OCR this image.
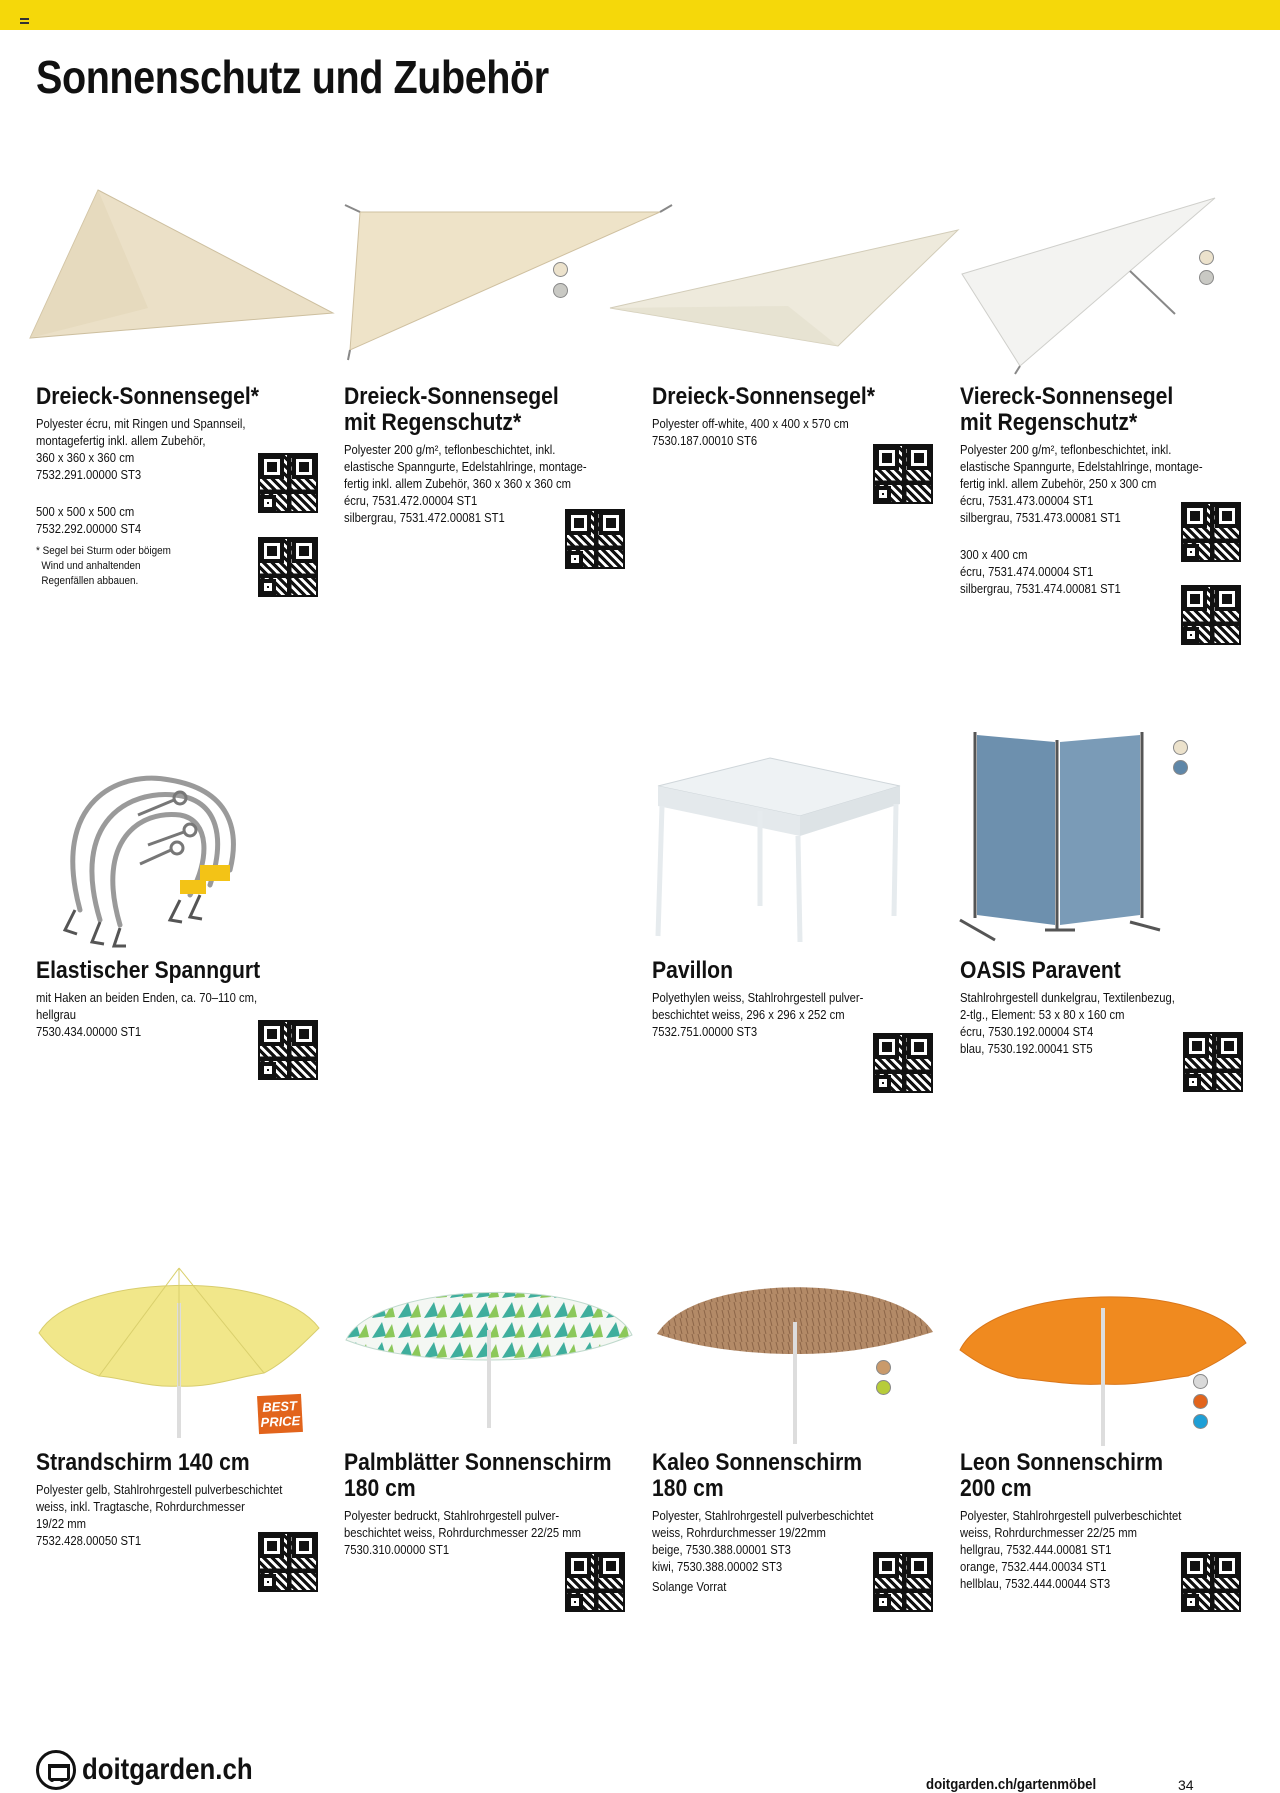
Sonnenschutz und Zubehör
Dreieck-Sonnensegel*
Polyester écru, mit Ringen und Spannseil,
montagefertig inkl. allem Zubehör,
360 x 360 x 360 cm
7532.291.00000 ST3
500 x 500 x 500 cm
7532.292.00000 ST4
* Segel bei Sturm oder böigem
Wind und anhaltenden
Regenfällen abbauen.
Dreieck-Sonnensegel
mit Regenschutz*
Polyester 200 g/m², teflonbeschichtet, inkl.
elastische Spanngurte, Edelstahlringe, montage-
fertig inkl. allem Zubehör, 360 x 360 x 360 cm
écru, 7531.472.00004 ST1
silbergrau, 7531.472.00081 ST1
Dreieck-Sonnensegel*
Polyester off-white, 400 x 400 x 570 cm
7530.187.00010 ST6
Viereck-Sonnensegel
mit Regenschutz*
Polyester 200 g/m², teflonbeschichtet, inkl.
elastische Spanngurte, Edelstahlringe, montage-
fertig inkl. allem Zubehör, 250 x 300 cm
écru, 7531.473.00004 ST1
silbergrau, 7531.473.00081 ST1
300 x 400 cm
écru, 7531.474.00004 ST1
silbergrau, 7531.474.00081 ST1
Elastischer Spanngurt
mit Haken an beiden Enden, ca. 70–110 cm,
hellgrau
7530.434.00000 ST1
Pavillon
Polyethylen weiss, Stahlrohrgestell pulver-
beschichtet weiss, 296 x 296 x 252 cm
7532.751.00000 ST3
OASIS Paravent
Stahlrohrgestell dunkelgrau, Textilenbezug,
2-tlg., Element: 53 x 80 x 160 cm
écru, 7530.192.00004 ST4
blau, 7530.192.00041 ST5
BEST
PRICE
Strandschirm 140 cm
Polyester gelb, Stahlrohrgestell pulverbeschichtet
weiss, inkl. Tragtasche, Rohrdurchmesser
19/22 mm
7532.428.00050 ST1
Palmblätter Sonnenschirm
180 cm
Polyester bedruckt, Stahlrohrgestell pulver-
beschichtet weiss, Rohrdurchmesser 22/25 mm
7530.310.00000 ST1
Kaleo Sonnenschirm
180 cm
Polyester, Stahlrohrgestell pulverbeschichtet
weiss, Rohrdurchmesser 19/22mm
beige, 7530.388.00001 ST3
kiwi, 7530.388.00002 ST3
Solange Vorrat
Leon Sonnenschirm
200 cm
Polyester, Stahlrohrgestell pulverbeschichtet
weiss, Rohrdurchmesser 22/25 mm
hellgrau, 7532.444.00081 ST1
orange, 7532.444.00034 ST1
hellblau, 7532.444.00044 ST3
doitgarden.ch	doitgarden.ch/gartenmöbel	34
